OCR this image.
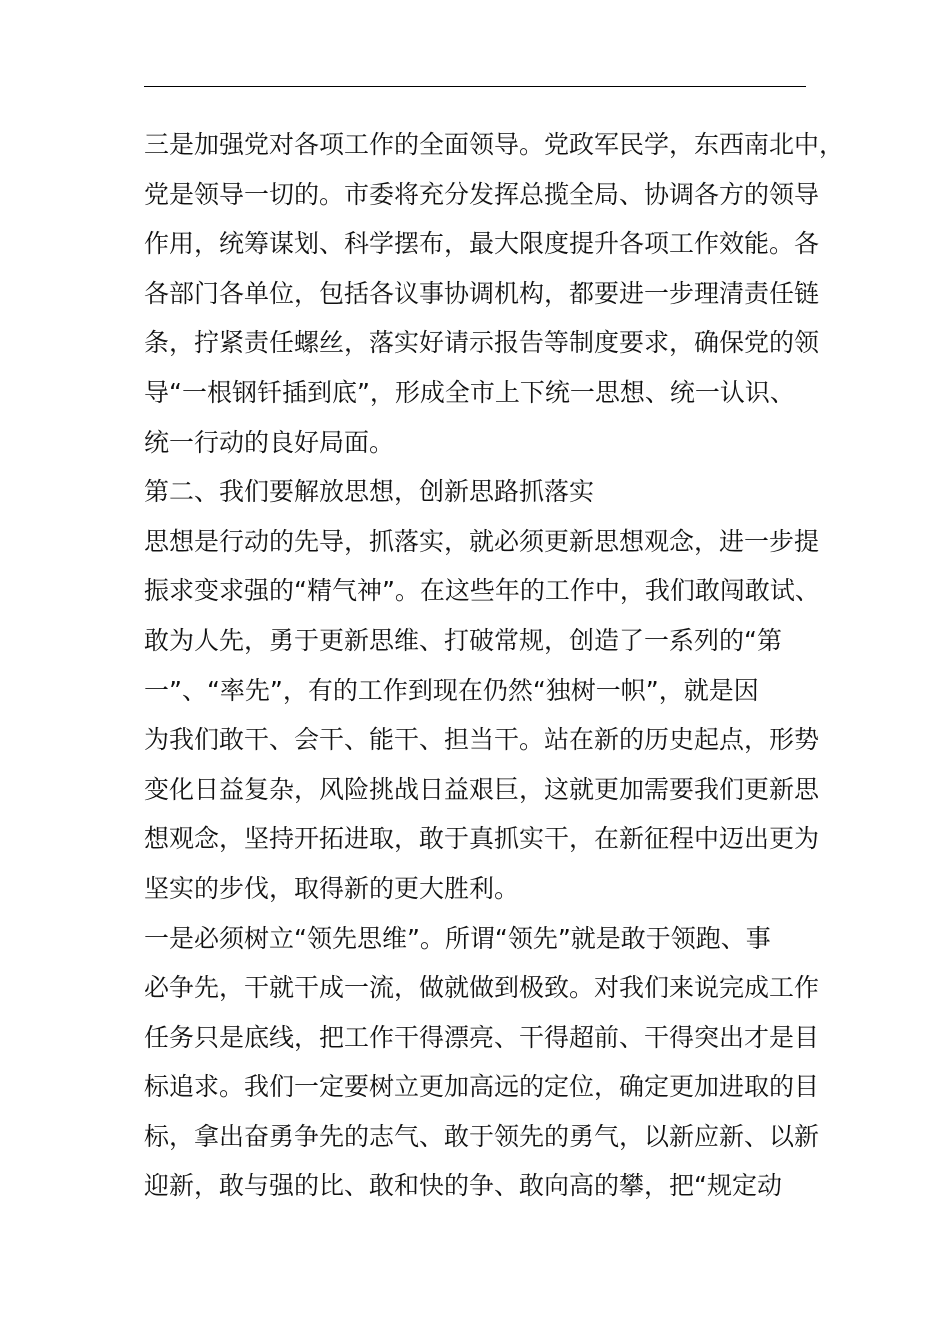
三是加强党对各项工作的全面领导。党政军民学，东西南北中，
党是领导一切的。市委将充分发挥总揽全局、协调各方的领导
作用，统筹谋划、科学摆布，最大限度提升各项工作效能。各
各部门各单位，包括各议事协调机构，都要进一步理清责任链
条，拧紧责任螺丝，落实好请示报告等制度要求，确保党的领
导“一根钢钎插到底”，形成全市上下统一思想、统一认识、
统一行动的良好局面。
第二、我们要解放思想，创新思路抓落实
思想是行动的先导，抓落实，就必须更新思想观念，进一步提
振求变求强的“精气神”。在这些年的工作中，我们敢闯敢试、
敢为人先，勇于更新思维、打破常规，创造了一系列的“第
一”、“率先”，有的工作到现在仍然“独树一帜”，就是因
为我们敢干、会干、能干、担当干。站在新的历史起点，形势
变化日益复杂，风险挑战日益艰巨，这就更加需要我们更新思
想观念，坚持开拓进取，敢于真抓实干，在新征程中迈出更为
坚实的步伐，取得新的更大胜利。
一是必须树立“领先思维”。所谓“领先”就是敢于领跑、事
必争先，干就干成一流，做就做到极致。对我们来说完成工作
任务只是底线，把工作干得漂亮、干得超前、干得突出才是目
标追求。我们一定要树立更加高远的定位，确定更加进取的目
标，拿出奋勇争先的志气、敢于领先的勇气，以新应新、以新
迎新，敢与强的比、敢和快的争、敢向高的攀，把“规定动
